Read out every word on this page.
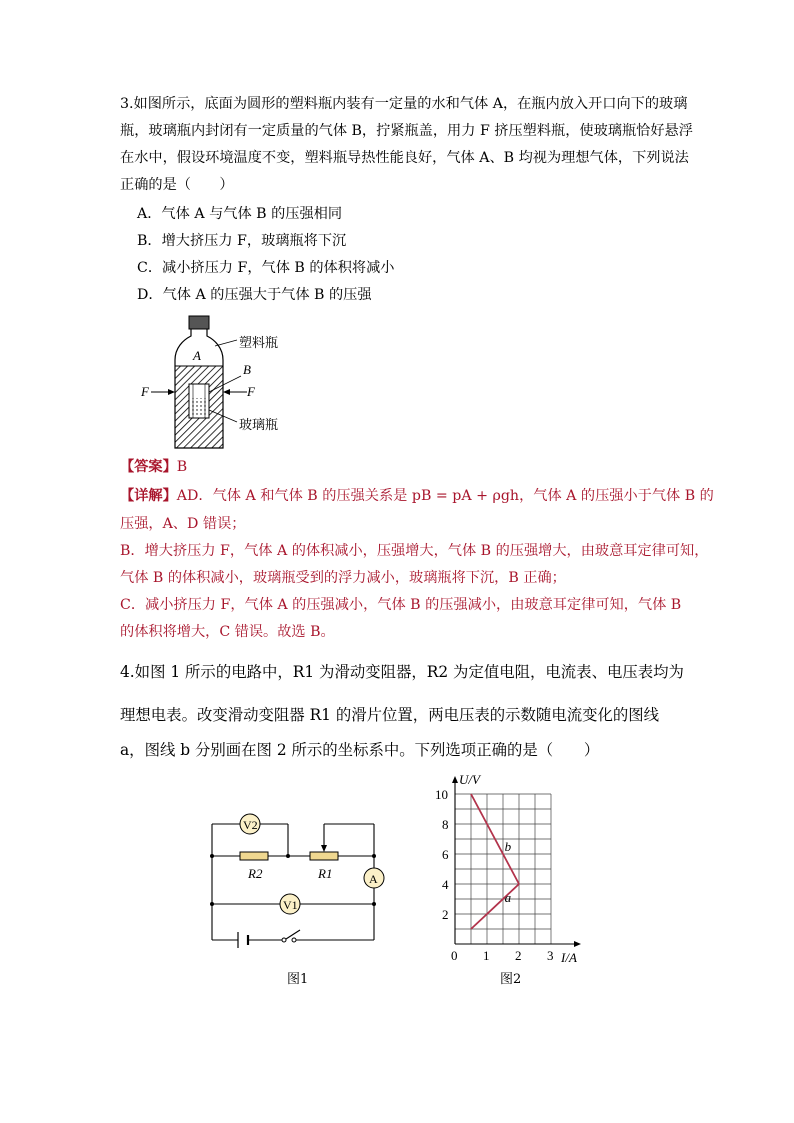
3.如图所示，底面为圆形的塑料瓶内装有一定量的水和气体 A，在瓶内放入开口向下的玻璃
瓶，玻璃瓶内封闭有一定质量的气体 B，拧紧瓶盖，用力 F 挤压塑料瓶，使玻璃瓶恰好悬浮
在水中，假设环境温度不变，塑料瓶导热性能良好，气体 A、B 均视为理想气体，下列说法
正确的是（　　）
A．气体 A 与气体 B 的压强相同
B．增大挤压力 F，玻璃瓶将下沉
C．减小挤压力 F，气体 B 的体积将减小
D．气体 A 的压强大于气体 B 的压强
A
塑料瓶
B
玻璃瓶
F	F
【答案】B
【详解】AD．气体 A 和气体 B 的压强关系是 pB = pA + ρgh，气体 A 的压强小于气体 B 的
压强，A、D 错误；
B．增大挤压力 F，气体 A 的体积减小，压强增大，气体 B 的压强增大，由玻意耳定律可知，
气体 B 的体积减小，玻璃瓶受到的浮力减小，玻璃瓶将下沉，B 正确；
C．减小挤压力 F，气体 A 的压强减小，气体 B 的压强减小，由玻意耳定律可知，气体 B
的体积将增大，C 错误。故选 B。
4.如图 1 所示的电路中，R1 为滑动变阻器，R2 为定值电阻，电流表、电压表均为
理想电表。改变滑动变阻器 R1 的滑片位置，两电压表的示数随电流变化的图线
a，图线 b 分别画在图 2 所示的坐标系中。下列选项正确的是（　　）
V2
V1
A
R2	R1
图1
0 1 2 3
2
4
6
8
10
U/V
I/A
a
b
图2
